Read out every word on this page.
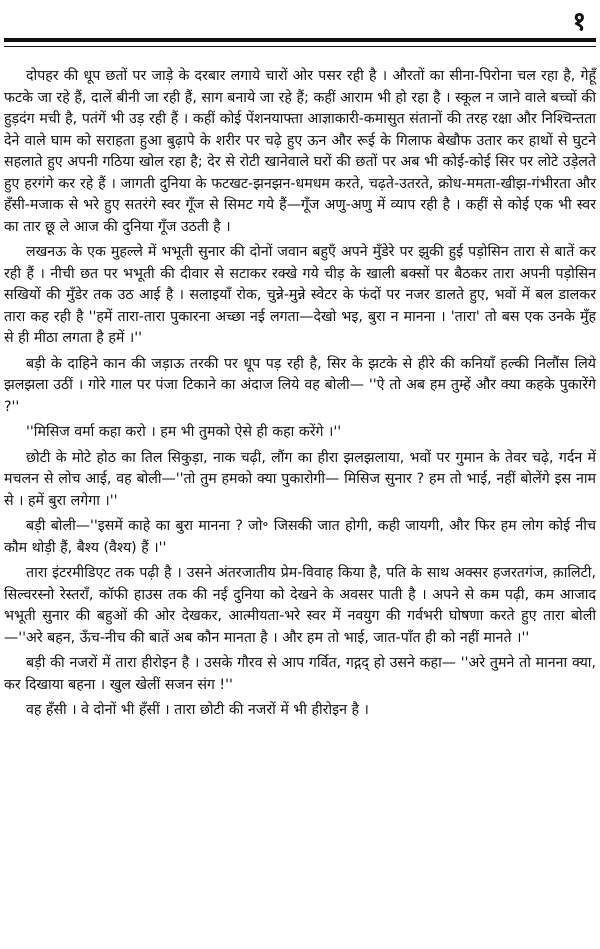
१

दोपहर की धूप छतों पर जाड़े के दरबार लगाये चारों ओर पसर रही है । औरतों का सीना-पिरोना चल रहा है, गेहूँ फटके जा रहे हैं, दालें बीनी जा रही हैं, साग बनाये जा रहे हैं; कहीं आराम भी हो रहा है । स्कूल न जाने वाले बच्चों की हुड़दंग मची है, पतंगें भी उड़ रही हैं । कहीं कोई पेंशनयाफ्ता आज्ञाकारी-कमासुत संतानों की तरह रक्षा और निश्चिन्तता देने वाले घाम को सराहता हुआ बुढ़ापे के शरीर पर चढ़े हुए ऊन और रूई के गिलाफ बेखौफ उतार कर हाथों से घुटने सहलाते हुए अपनी गठिया खोल रहा है; देर से रोटी खानेवाले घरों की छतों पर अब भी कोई-कोई सिर पर लोटे उड़ेलते हुए हरगंगे कर रहे हैं । जागती दुनिया के फटखट-झनझन-धमधम करते, चढ़ते-उतरते, क्रोध-ममता-खीझ-गंभीरता और हँसी-मजाक से भरे हुए सतरंगे स्वर गूँज से सिमट गये हैं—गूँज अणु-अणु में व्याप रही है । कहीं से कोई एक भी स्वर का तार छू ले आज की दुनिया गूँज उठती है ।

लखनऊ के एक मुहल्ले में भभूती सुनार की दोनों जवान बहुएँ अपने मुँडेरे पर झुकी हुई पड़ोसिन तारा से बातें कर रही हैं । नीची छत पर भभूती की दीवार से सटाकर रक्खे गये चीड़ के खाली बक्सों पर बैठकर तारा अपनी पड़ोसिन सखियों की मुँडेर तक उठ आई है । सलाइयाँ रोक, चुन्ने-मुन्ने स्वेटर के फंदों पर नजर डालते हुए, भवों में बल डालकर तारा कह रही है ''हमें तारा-तारा पुकारना अच्छा नई लगता—देखो भइ, बुरा न मानना । 'तारा' तो बस एक उनके मुँह से ही मीठा लगता है हमें ।''

बड़ी के दाहिने कान की जड़ाऊ तरकी पर धूप पड़ रही है, सिर के झटके से हीरे की कनियाँ हल्की निलौंस लिये झलझला उठीं । गोरे गाल पर पंजा टिकाने का अंदाज लिये वह बोली— ''ऐ तो अब हम तुम्हें और क्या कहके पुकारेंगे ?''

''मिसिज वर्मा कहा करो । हम भी तुमको ऐसे ही कहा करेंगे ।''

छोटी के मोटे होठ का तिल सिकुड़ा, नाक चढ़ी, लौंग का हीरा झलझलाया, भवों पर गुमान के तेवर चढ़े, गर्दन में मचलन से लोच आई, वह बोली—''तो तुम हमको क्या पुकारोगी— मिसिज सुनार ? हम तो भाई, नहीं बोलेंगे इस नाम से । हमें बुरा लगेगा ।''

बड़ी बोली—''इसमें काहे का बुरा मानना ? जो॰ जिसकी जात होगी, कही जायगी, और फिर हम लोग कोई नीच कौम थोड़ी हैं, बैश्य (वैश्य) हैं ।''

तारा इंटरमीडिएट तक पढ़ी है । उसने अंतरजातीय प्रेम-विवाह किया है, पति के साथ अक्सर हजरतगंज, क़ालिटी, सिल्वरस्नो रेस्तराँ, कॉफी हाउस तक की नई दुनिया को देखने के अवसर पाती है । अपने से कम पढ़ी, कम आजाद भभूती सुनार की बहुओं की ओर देखकर, आत्मीयता-भरे स्वर में नवयुग की गर्वभरी घोषणा करते हुए तारा बोली—''अरे बहन, ऊँच-नीच की बातें अब कौन मानता है । और हम तो भाई, जात-पाँत ही को नहीं मानते ।''

बड़ी की नजरों में तारा हीरोइन है । उसके गौरव से आप गर्वित, गद्गद् हो उसने कहा— ''अरे तुमने तो मानना क्या, कर दिखाया बहना । खुल खेलीं सजन संग !''

वह हँसी । वे दोनों भी हँसीं । तारा छोटी की नजरों में भी हीरोइन है ।
